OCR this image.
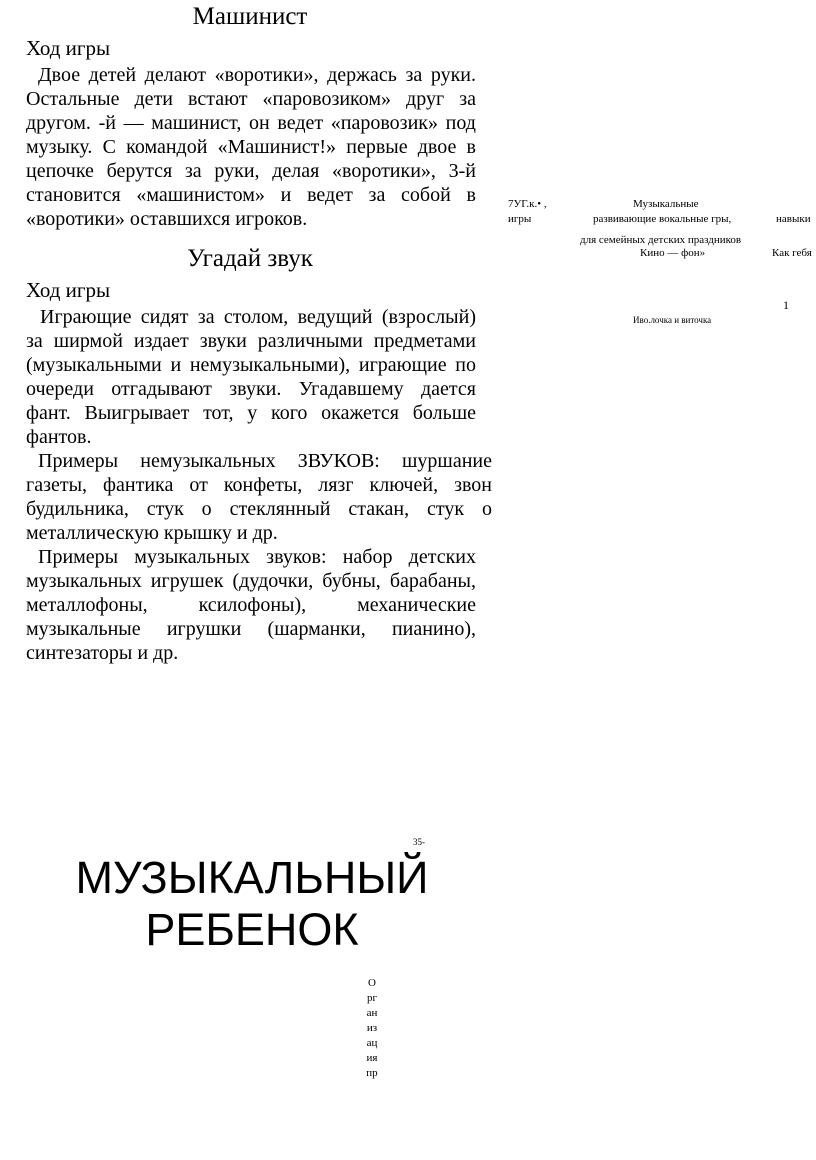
Машинист
Ход игры

Двое детей делают «воротики», держась за руки. Остальные дети встают «паровозиком» друг за другом. -й — машинист, он ведет «паровозик» под музыку. С командой «Машинист!» первые двое в цепочке берутся за руки, делая «воротики», 3-й становится «машинистом» и ведет за собой в «воротики» оставшихся игроков.

Угадай звук
Ход игры

Играющие сидят за столом, ведущий (взрослый) за ширмой издает звуки различными предметами (музыкальными и немузыкальными), играющие по очереди отгадывают звуки. Угадавшему дается фант. Выигрывает тот, у кого окажется больше фантов.

Примеры немузыкальных ЗВУКОВ: шуршание газеты, фантика от конфеты, лязг ключей, звон будильника, стук о стеклянный стакан, стук о металлическую крышку и др.

Примеры музыкальных звуков: набор детских музыкальных игрушек (дудочки, бубны, барабаны, металлофоны, ксилофоны), механические музыкальные игрушки (шарманки, пианино), синтезаторы и др.

7УГ.к.• ,	Музыкальные
игры	развивающие вокальные гры,	навыки
для семейных детских праздников
Кино — фон»	Как гебя
1
Иво.лочка и виточка
35-
МУЗЫКАЛЬНЫЙ
РЕБЕНОК
Организацияпр
